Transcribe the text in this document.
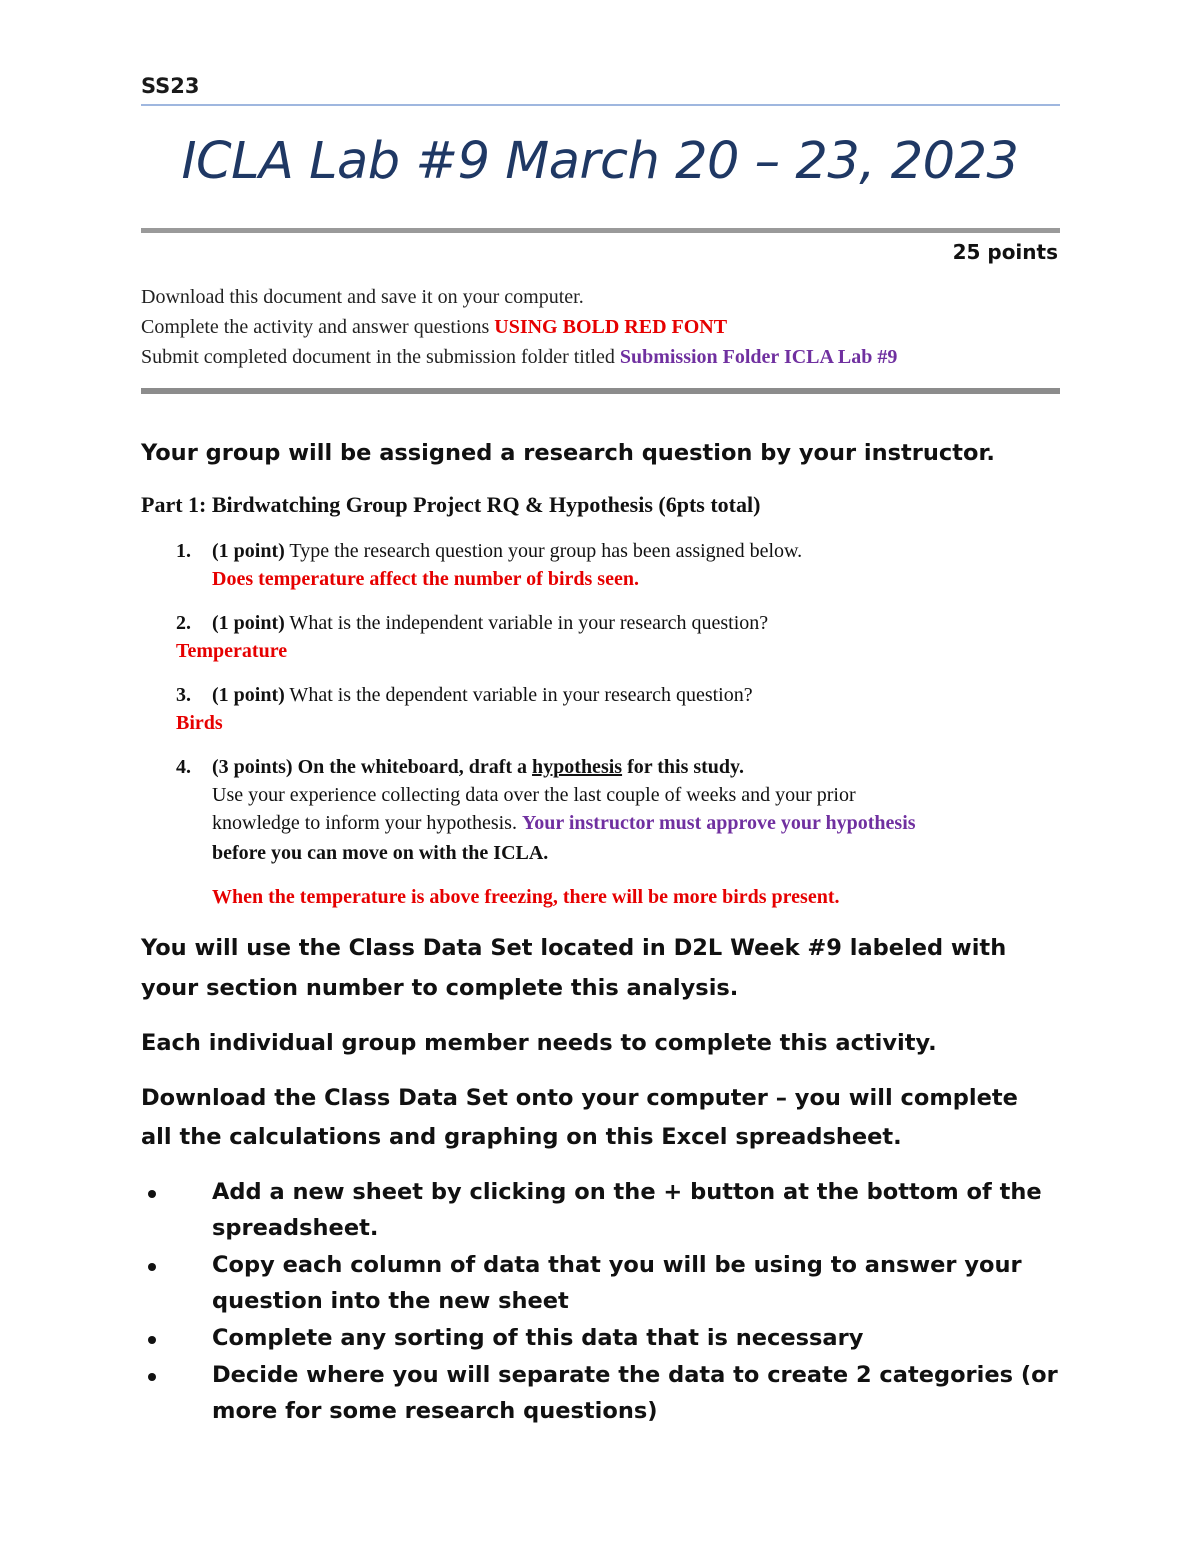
SS23
ICLA Lab #9 March 20 – 23, 2023
25 points
Download this document and save it on your computer.
Complete the activity and answer questions USING BOLD RED FONT
Submit completed document in the submission folder titled Submission Folder ICLA Lab #9
Your group will be assigned a research question by your instructor.
Part 1: Birdwatching Group Project RQ & Hypothesis (6pts total)
1. (1 point) Type the research question your group has been assigned below.
Does temperature affect the number of birds seen.
2. (1 point) What is the independent variable in your research question?
Temperature
3. (1 point) What is the dependent variable in your research question?
Birds
4. (3 points) On the whiteboard, draft a hypothesis for this study.
Use your experience collecting data over the last couple of weeks and your prior
knowledge to inform your hypothesis. Your instructor must approve your hypothesis
before you can move on with the ICLA.
When the temperature is above freezing, there will be more birds present.
You will use the Class Data Set located in D2L Week #9 labeled with
your section number to complete this analysis.
Each individual group member needs to complete this activity.
Download the Class Data Set onto your computer – you will complete
all the calculations and graphing on this Excel spreadsheet.
Add a new sheet by clicking on the + button at the bottom of the
spreadsheet.
Copy each column of data that you will be using to answer your
question into the new sheet
Complete any sorting of this data that is necessary
Decide where you will separate the data to create 2 categories (or
more for some research questions)
